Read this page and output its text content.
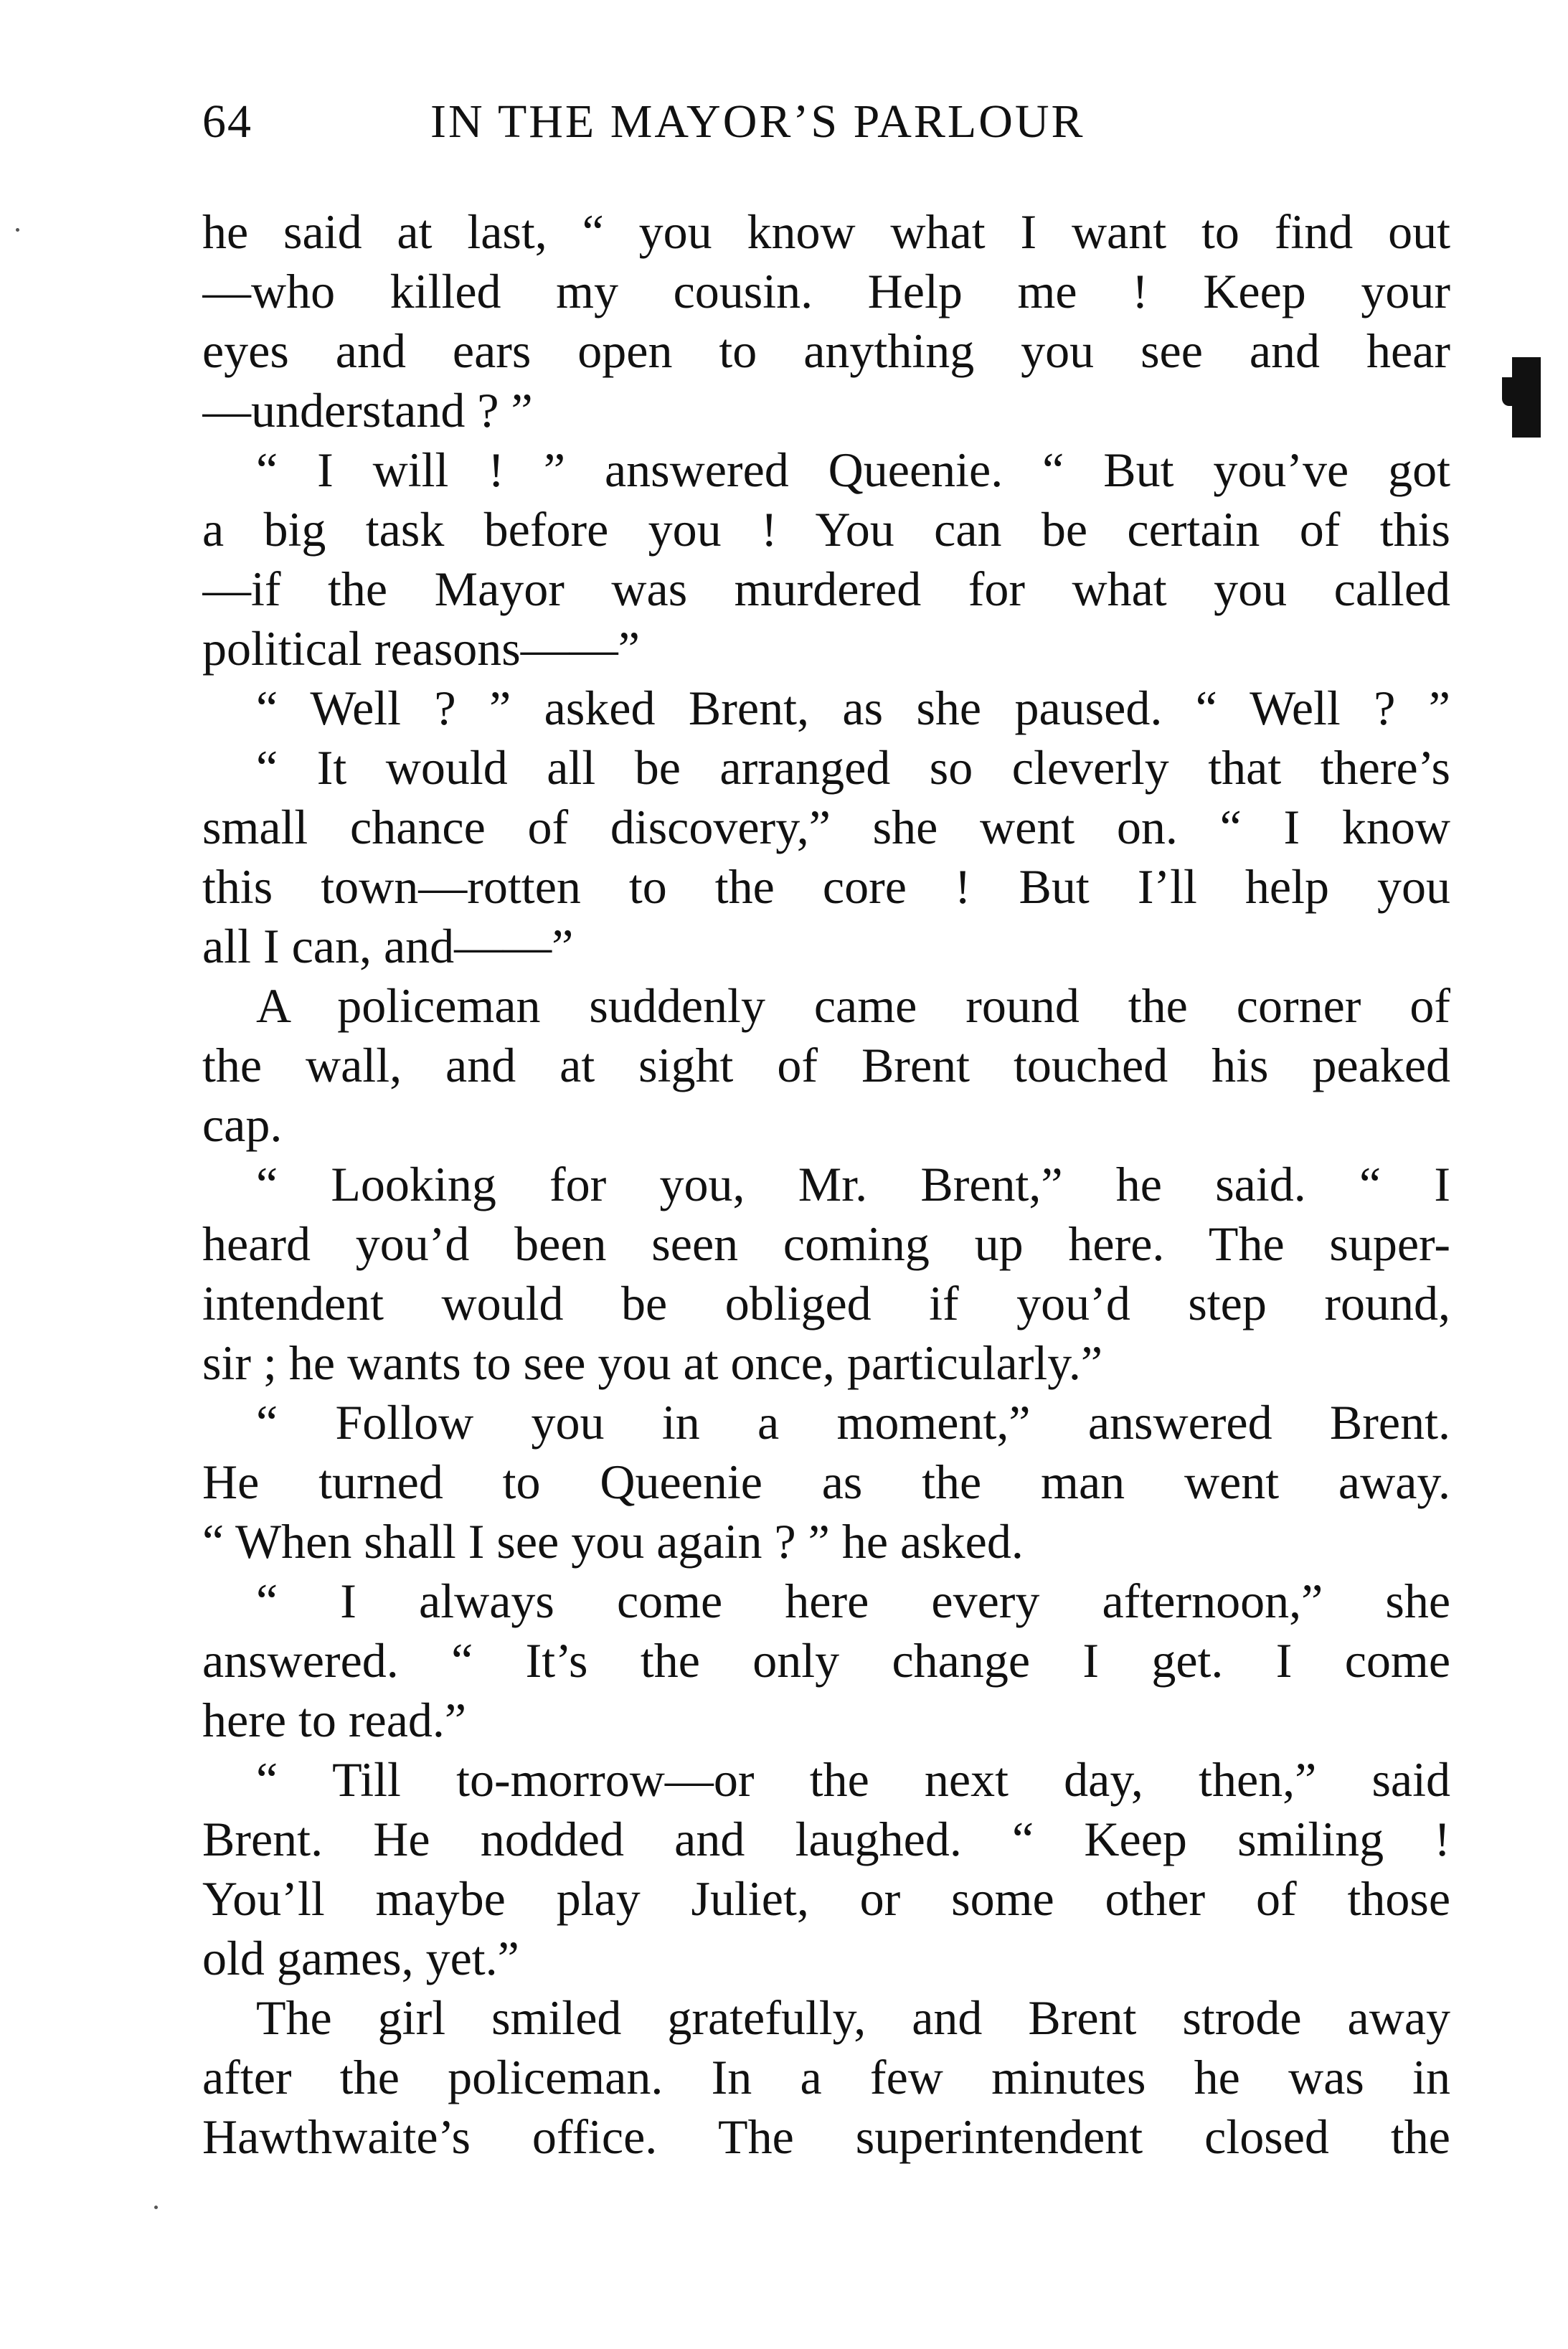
64	IN THE MAYOR’S PARLOUR
he said at last, “ you know what I want to find out
—who killed my cousin. Help me ! Keep your
eyes and ears open to anything you see and hear
—understand ? ”
“ I will ! ” answered Queenie. “ But you’ve got
a big task before you ! You can be certain of this
—if the Mayor was murdered for what you called
political reasons——”
“ Well ? ” asked Brent, as she paused. “ Well ? ”
“ It would all be arranged so cleverly that there’s
small chance of discovery,” she went on. “ I know
this town—rotten to the core ! But I’ll help you
all I can, and——”
A policeman suddenly came round the corner of
the wall, and at sight of Brent touched his peaked
cap.
“ Looking for you, Mr. Brent,” he said. “ I
heard you’d been seen coming up here. The super-
intendent would be obliged if you’d step round,
sir ; he wants to see you at once, particularly.”
“ Follow you in a moment,” answered Brent.
He turned to Queenie as the man went away.
“ When shall I see you again ? ” he asked.
“ I always come here every afternoon,” she
answered. “ It’s the only change I get. I come
here to read.”
“ Till to-morrow—or the next day, then,” said
Brent. He nodded and laughed. “ Keep smiling !
You’ll maybe play Juliet, or some other of those
old games, yet.”
The girl smiled gratefully, and Brent strode away
after the policeman. In a few minutes he was in
Hawthwaite’s office. The superintendent closed the
